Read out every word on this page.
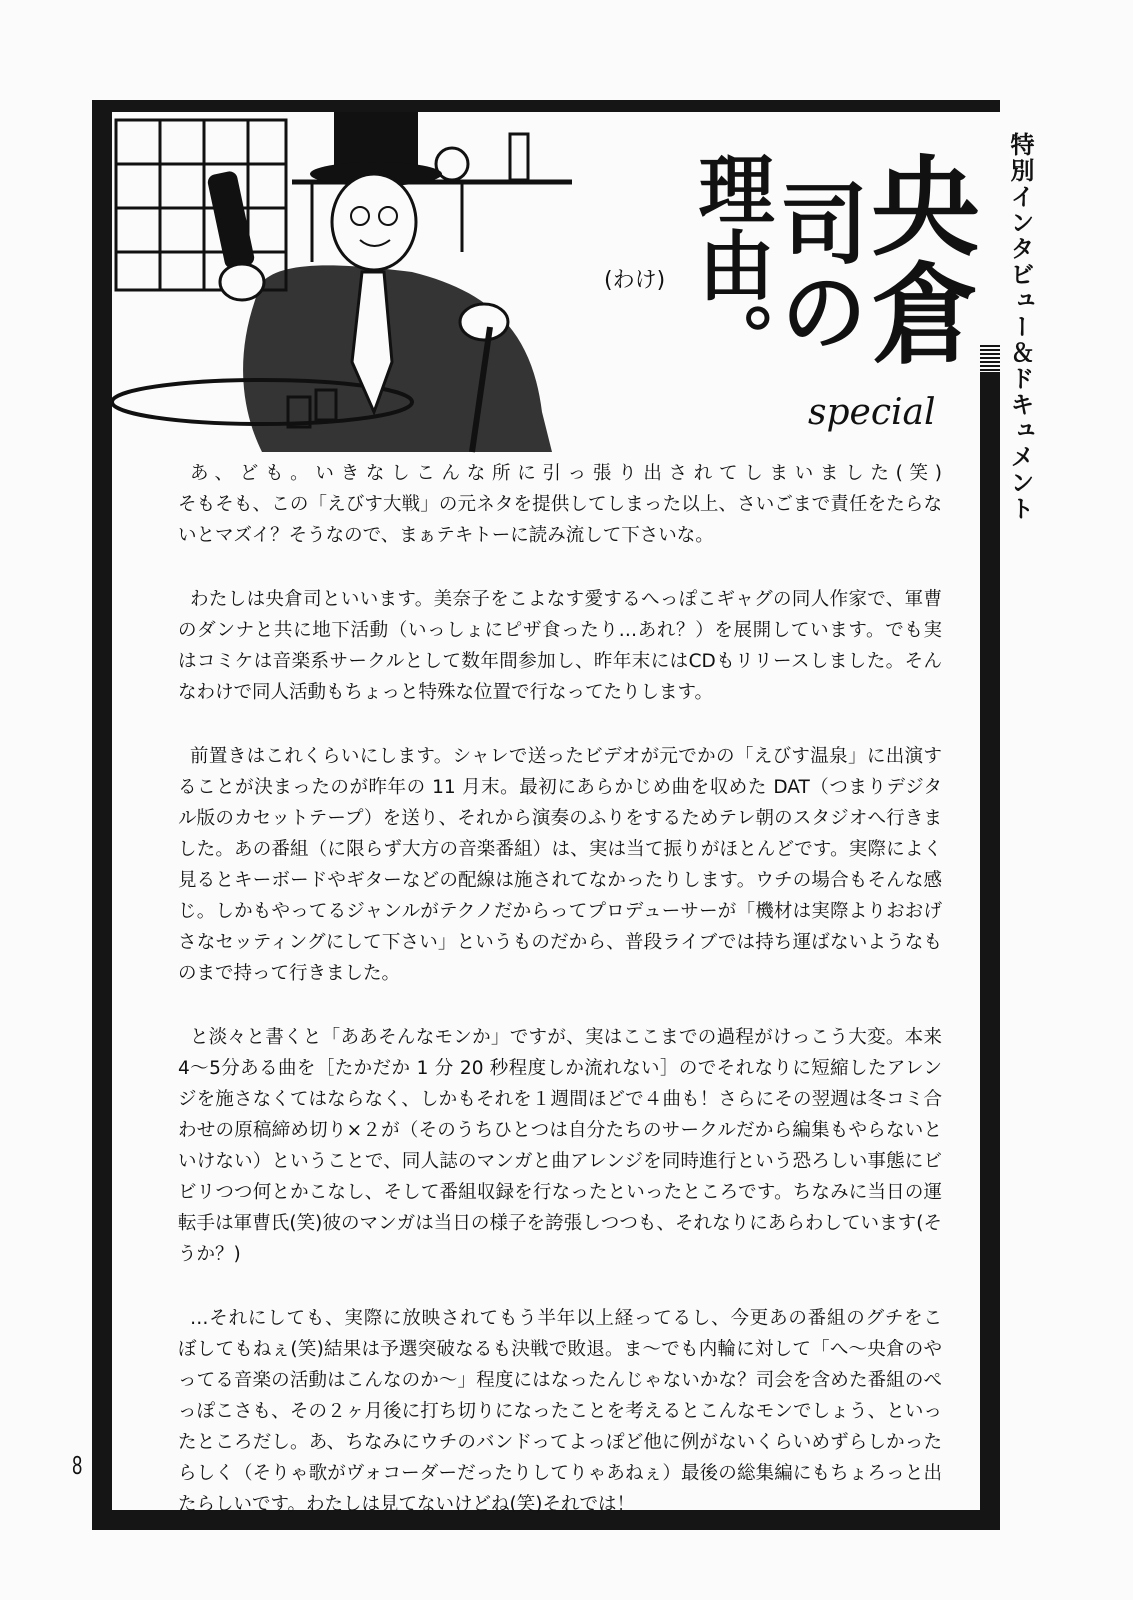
央倉
司の
理由。
(わけ)
special	特別インタビュー＆ドキュメント
8
あ、ども。いきなしこんな所に引っ張り出されてしまいました(笑)
そもそも、この「えびす大戦」の元ネタを提供してしまった以上、さいごまで責任をたらな
いとマズイ？そうなので、まぁテキトーに読み流して下さいな。
わたしは央倉司といいます。美奈子をこよなす愛するへっぽこギャグの同人作家で、軍曹
のダンナと共に地下活動（いっしょにピザ食ったり…あれ？）を展開しています。でも実
はコミケは音楽系サークルとして数年間参加し、昨年末にはCDもリリースしました。そん
なわけで同人活動もちょっと特殊な位置で行なってたりします。
前置きはこれくらいにします。シャレで送ったビデオが元でかの「えびす温泉」に出演す
ることが決まったのが昨年の 11 月末。最初にあらかじめ曲を収めた DAT（つまりデジタ
ル版のカセットテープ）を送り、それから演奏のふりをするためテレ朝のスタジオへ行きま
した。あの番組（に限らず大方の音楽番組）は、実は当て振りがほとんどです。実際によく
見るとキーボードやギターなどの配線は施されてなかったりします。ウチの場合もそんな感
じ。しかもやってるジャンルがテクノだからってプロデューサーが「機材は実際よりおおげ
さなセッティングにして下さい」というものだから、普段ライブでは持ち運ばないようなも
のまで持って行きました。
と淡々と書くと「ああそんなモンか」ですが、実はここまでの過程がけっこう大変。本来
4～5分ある曲を［たかだか 1 分 20 秒程度しか流れない］のでそれなりに短縮したアレン
ジを施さなくてはならなく、しかもそれを１週間ほどで４曲も！さらにその翌週は冬コミ合
わせの原稿締め切り×２が（そのうちひとつは自分たちのサークルだから編集もやらないと
いけない）ということで、同人誌のマンガと曲アレンジを同時進行という恐ろしい事態にビ
ビリつつ何とかこなし、そして番組収録を行なったといったところです。ちなみに当日の運
転手は軍曹氏(笑)彼のマンガは当日の様子を誇張しつつも、それなりにあらわしています(そ
うか？)
…それにしても、実際に放映されてもう半年以上経ってるし、今更あの番組のグチをこ
ぼしてもねぇ(笑)結果は予選突破なるも決戦で敗退。ま～でも内輪に対して「へ～央倉のや
ってる音楽の活動はこんなのか～」程度にはなったんじゃないかな？司会を含めた番組のぺ
っぽこさも、その２ヶ月後に打ち切りになったことを考えるとこんなモンでしょう、といっ
たところだし。あ、ちなみにウチのバンドってよっぽど他に例がないくらいめずらしかった
らしく（そりゃ歌がヴォコーダーだったりしてりゃあねぇ）最後の総集編にもちょろっと出
たらしいです。わたしは見てないけどね(笑)それでは！
